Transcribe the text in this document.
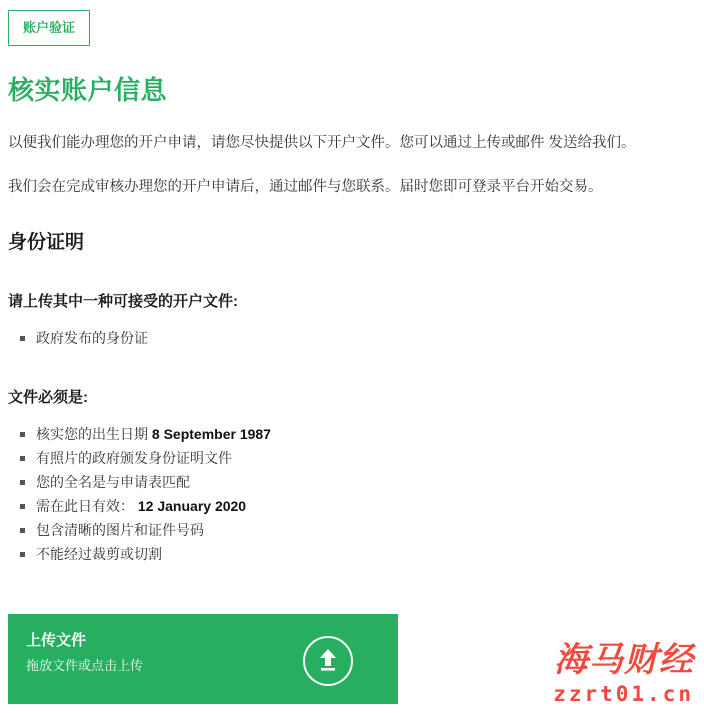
账户验证
核实账户信息

以便我们能办理您的开户申请，请您尽快提供以下开户文件。您可以通过上传或邮件 发送给我们。

我们会在完成审核办理您的开户申请后，通过邮件与您联系。届时您即可登录平台开始交易。

身份证明
请上传其中一种可接受的开户文件:
政府发布的身份证
文件必须是:
核实您的出生日期 8 September 1987
有照片的政府颁发身份证明文件
您的全名是与申请表匹配
需在此日有效： 12 January 2020
包含清晰的图片和证件号码
不能经过裁剪或切割
上传文件
拖放文件或点击上传	海马财经
zzrt01.cn
